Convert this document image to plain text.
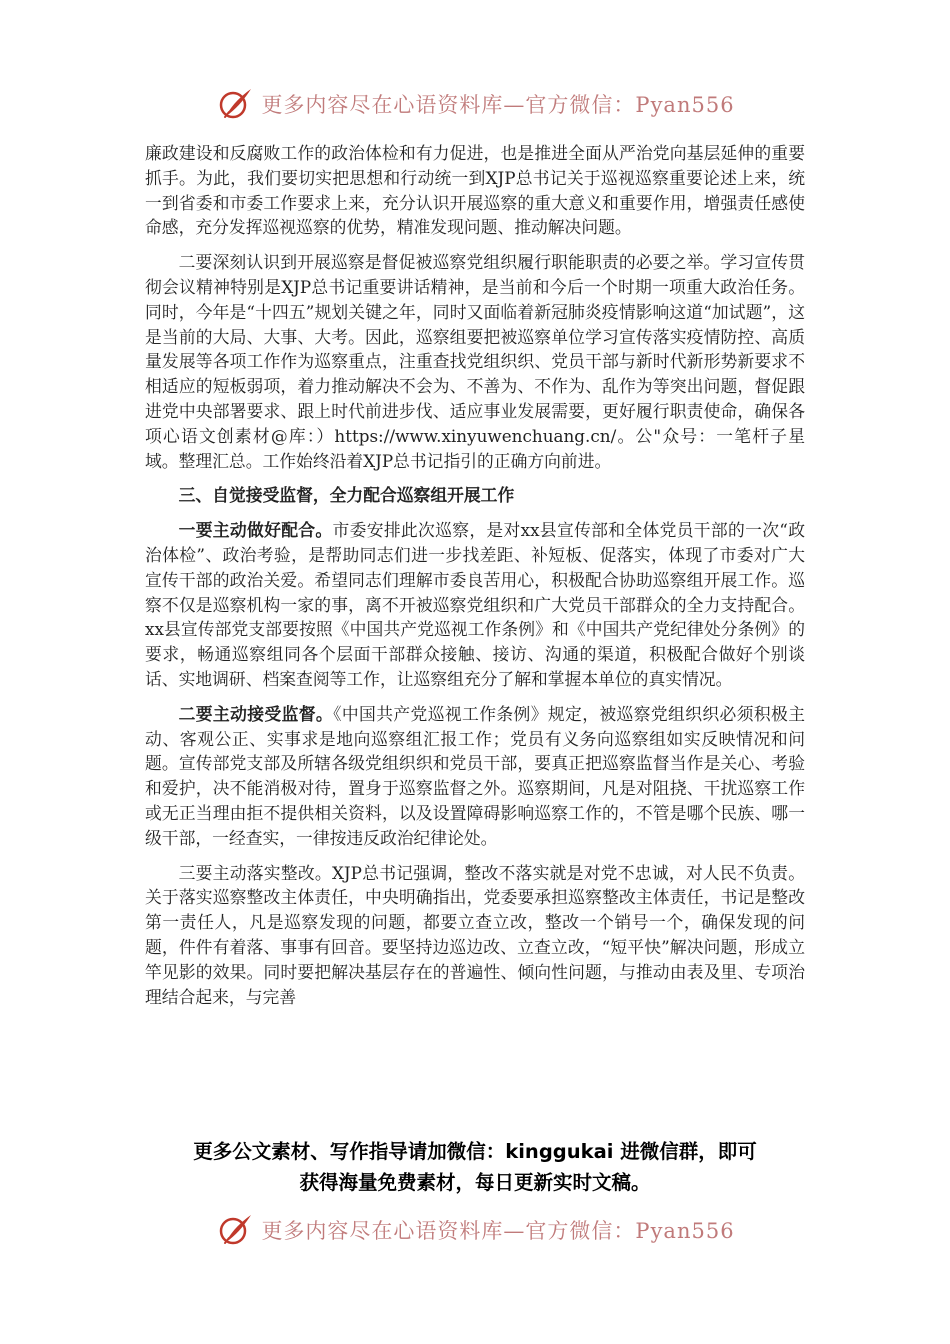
更多内容尽在心语资料库—官方微信：Pyan556

廉政建设和反腐败工作的政治体检和有力促进，也是推进全面从严治党向基层延伸的重要抓手。为此，我们要切实把思想和行动统一到XJP总书记关于巡视巡察重要论述上来，统一到省委和市委工作要求上来，充分认识开展巡察的重大意义和重要作用，增强责任感使命感，充分发挥巡视巡察的优势，精准发现问题、推动解决问题。

二要深刻认识到开展巡察是督促被巡察党组织履行职能职责的必要之举。学习宣传贯彻会议精神特别是XJP总书记重要讲话精神，是当前和今后一个时期一项重大政治任务。同时，今年是“十四五”规划关键之年，同时又面临着新冠肺炎疫情影响这道“加试题”，这是当前的大局、大事、大考。因此，巡察组要把被巡察单位学习宣传落实疫情防控、高质量发展等各项工作作为巡察重点，注重查找党组织织、党员干部与新时代新形势新要求不相适应的短板弱项，着力推动解决不会为、不善为、不作为、乱作为等突出问题，督促跟进党中央部署要求、跟上时代前进步伐、适应事业发展需要，更好履行职责使命，确保各项心语文创素材@库：）https://www.xinyuwenchuang.cn/。公"众号：一笔杆子星域。整理汇总。工作始终沿着XJP总书记指引的正确方向前进。

三、自觉接受监督，全力配合巡察组开展工作

一要主动做好配合。市委安排此次巡察，是对xx县宣传部和全体党员干部的一次“政治体检”、政治考验，是帮助同志们进一步找差距、补短板、促落实，体现了市委对广大宣传干部的政治关爱。希望同志们理解市委良苦用心，积极配合协助巡察组开展工作。巡察不仅是巡察机构一家的事，离不开被巡察党组织和广大党员干部群众的全力支持配合。xx县宣传部党支部要按照《中国共产党巡视工作条例》和《中国共产党纪律处分条例》的要求，畅通巡察组同各个层面干部群众接触、接访、沟通的渠道，积极配合做好个别谈话、实地调研、档案查阅等工作，让巡察组充分了解和掌握本单位的真实情况。

二要主动接受监督。《中国共产党巡视工作条例》规定，被巡察党组织织必须积极主动、客观公正、实事求是地向巡察组汇报工作；党员有义务向巡察组如实反映情况和问题。宣传部党支部及所辖各级党组织织和党员干部，要真正把巡察监督当作是关心、考验和爱护，决不能消极对待，置身于巡察监督之外。巡察期间，凡是对阻挠、干扰巡察工作或无正当理由拒不提供相关资料，以及设置障碍影响巡察工作的，不管是哪个民族、哪一级干部，一经查实，一律按违反政治纪律论处。

三要主动落实整改。XJP总书记强调，整改不落实就是对党不忠诚，对人民不负责。关于落实巡察整改主体责任，中央明确指出，党委要承担巡察整改主体责任，书记是整改第一责任人，凡是巡察发现的问题，都要立查立改，整改一个销号一个，确保发现的问题，件件有着落、事事有回音。要坚持边巡边改、立查立改，“短平快”解决问题，形成立竿见影的效果。同时要把解决基层存在的普遍性、倾向性问题，与推动由表及里、专项治理结合起来，与完善

更多公文素材、写作指导请加微信：kinggukai 进微信群，即可
获得海量免费素材，每日更新实时文稿。
更多内容尽在心语资料库—官方微信：Pyan556
